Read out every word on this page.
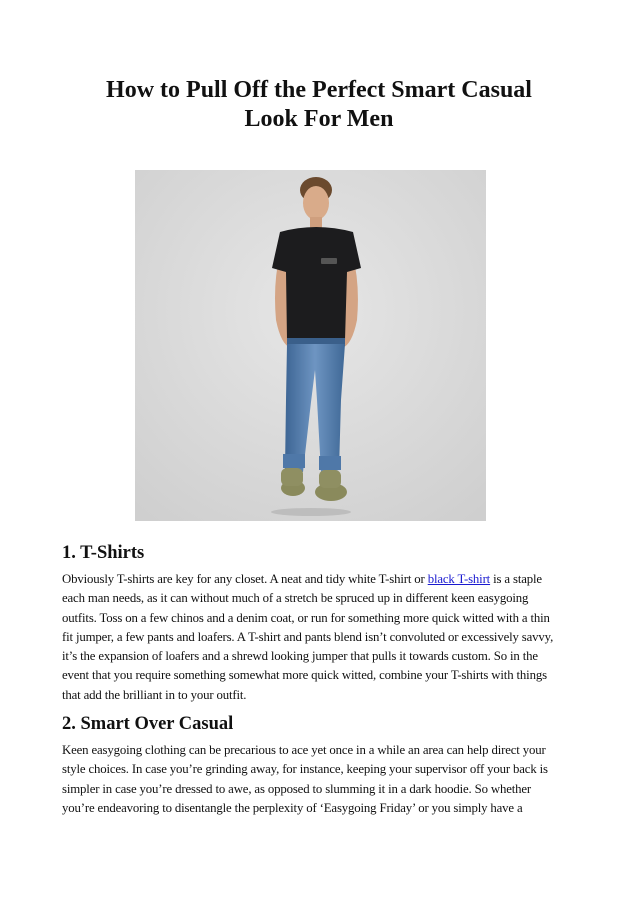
How to Pull Off the Perfect Smart Casual
Look For Men
1. T-Shirts

Obviously T-shirts are key for any closet. A neat and tidy white T-shirt or black T-shirt is a staple
each man needs, as it can without much of a stretch be spruced up in different keen easygoing
outfits. Toss on a few chinos and a denim coat, or run for something more quick witted with a thin
fit jumper, a few pants and loafers. A T-shirt and pants blend isn’t convoluted or excessively savvy,
it’s the expansion of loafers and a shrewd looking jumper that pulls it towards custom. So in the
event that you require something somewhat more quick witted, combine your T-shirts with things
that add the brilliant in to your outfit.

2. Smart Over Casual

Keen easygoing clothing can be precarious to ace yet once in a while an area can help direct your
style choices. In case you’re grinding away, for instance, keeping your supervisor off your back is
simpler in case you’re dressed to awe, as opposed to slumming it in a dark hoodie. So whether
you’re endeavoring to disentangle the perplexity of ‘Easygoing Friday’ or you simply have a
